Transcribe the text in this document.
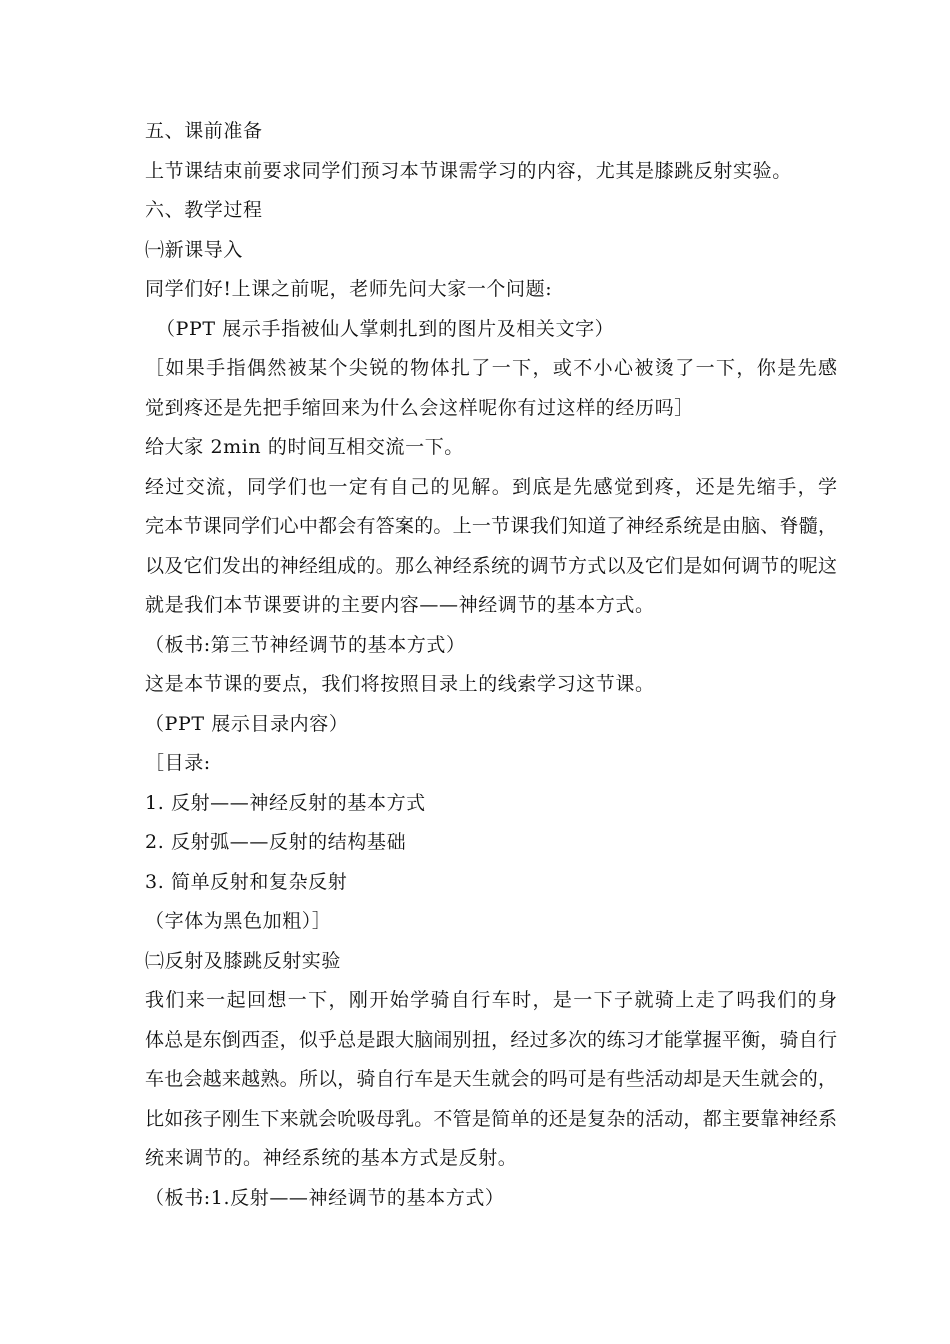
五、课前准备
上节课结束前要求同学们预习本节课需学习的内容，尤其是膝跳反射实验。
六、教学过程
㈠新课导入
同学们好!上课之前呢，老师先问大家一个问题:
（PPT 展示手指被仙人掌刺扎到的图片及相关文字）
［如果手指偶然被某个尖锐的物体扎了一下，或不小心被烫了一下，你是先感
觉到疼还是先把手缩回来为什么会这样呢你有过这样的经历吗］
给大家 2min 的时间互相交流一下。
经过交流，同学们也一定有自己的见解。到底是先感觉到疼，还是先缩手，学
完本节课同学们心中都会有答案的。上一节课我们知道了神经系统是由脑、脊髓，
以及它们发出的神经组成的。那么神经系统的调节方式以及它们是如何调节的呢这
就是我们本节课要讲的主要内容——神经调节的基本方式。
（板书:第三节神经调节的基本方式）
这是本节课的要点，我们将按照目录上的线索学习这节课。
（PPT 展示目录内容）
［目录:
1. 反射——神经反射的基本方式
2. 反射弧——反射的结构基础
3. 简单反射和复杂反射
（字体为黑色加粗）］
㈡反射及膝跳反射实验
我们来一起回想一下，刚开始学骑自行车时，是一下子就骑上走了吗我们的身
体总是东倒西歪，似乎总是跟大脑闹别扭，经过多次的练习才能掌握平衡，骑自行
车也会越来越熟。所以，骑自行车是天生就会的吗可是有些活动却是天生就会的，
比如孩子刚生下来就会吮吸母乳。不管是简单的还是复杂的活动，都主要靠神经系
统来调节的。神经系统的基本方式是反射。
（板书:1.反射——神经调节的基本方式）
